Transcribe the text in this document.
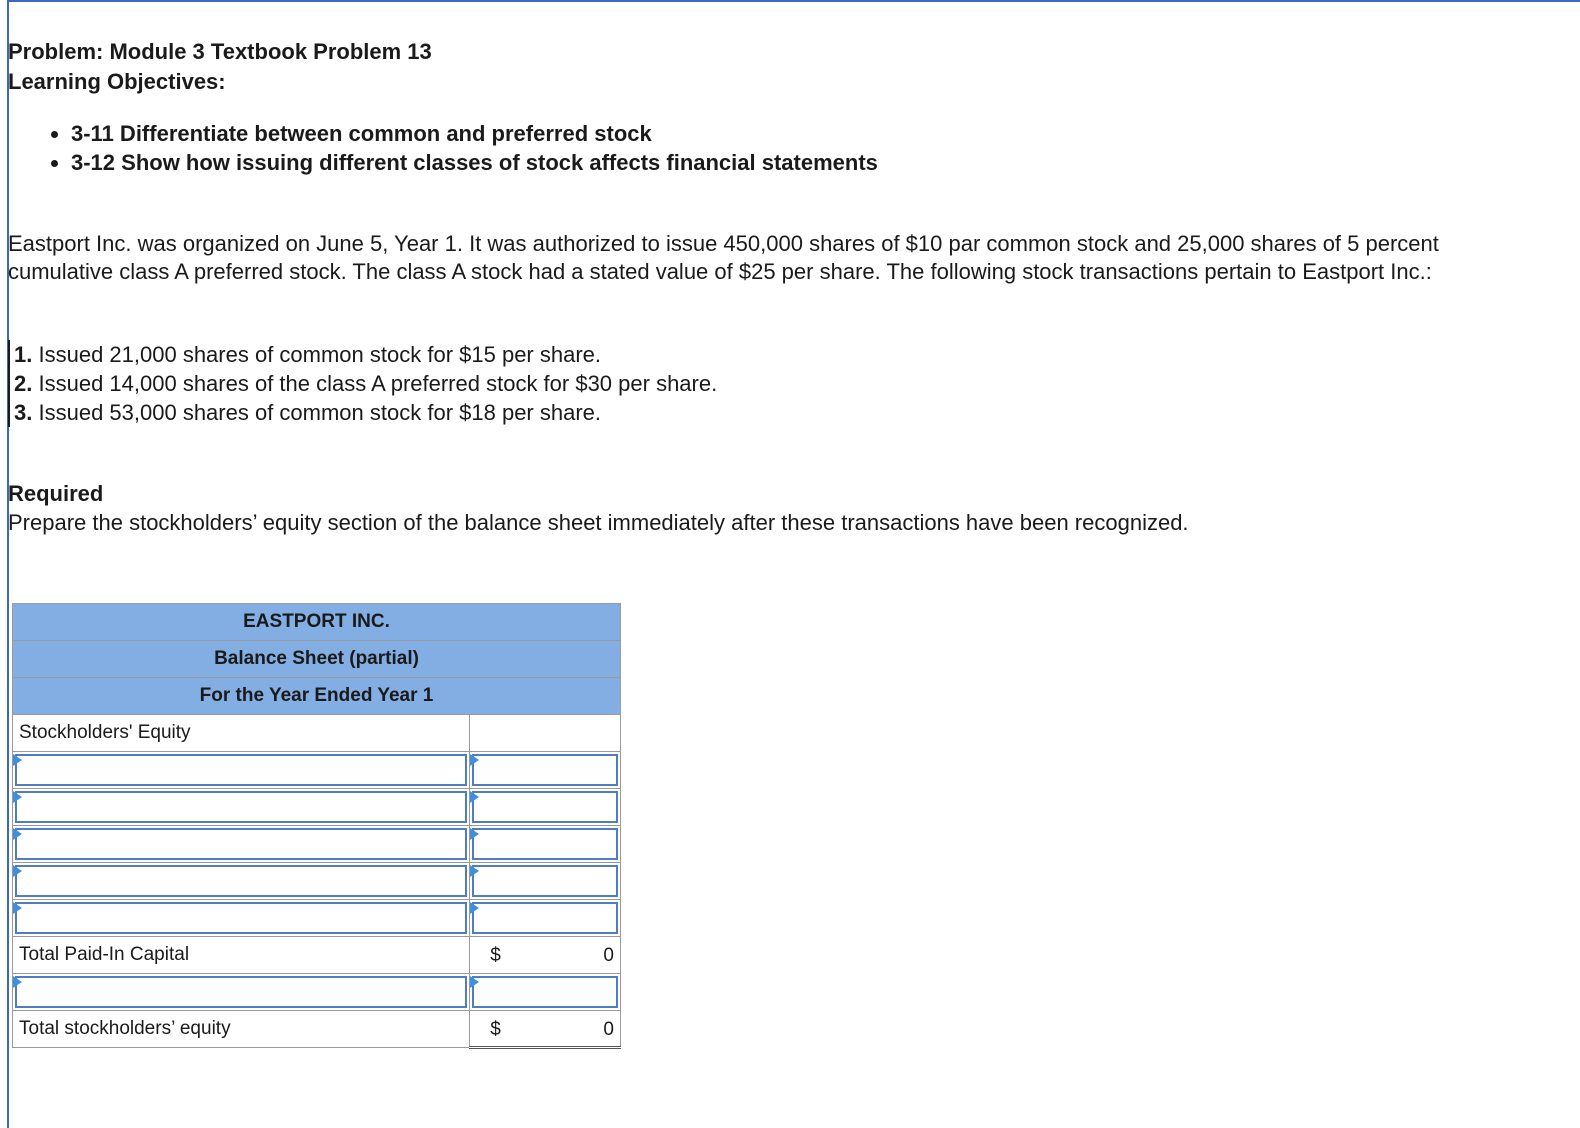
Problem: Module 3 Textbook Problem 13

Learning Objectives:

• 3-11 Differentiate between common and preferred stock
• 3-12 Show how issuing different classes of stock affects financial statements

Eastport Inc. was organized on June 5, Year 1. It was authorized to issue 450,000 shares of $10 par common stock and 25,000 shares of 5 percent cumulative class A preferred stock. The class A stock had a stated value of $25 per share. The following stock transactions pertain to Eastport Inc.:

1. Issued 21,000 shares of common stock for $15 per share.
2. Issued 14,000 shares of the class A preferred stock for $30 per share.
3. Issued 53,000 shares of common stock for $18 per share.

Required

Prepare the stockholders’ equity section of the balance sheet immediately after these transactions have been recognized.

EASTPORT INC.	
Balance Sheet (partial)	
For the Year Ended Year 1	
Stockholders' Equity	

Total Paid-In Capital	$ 0

Total stockholders’ equity	$ 0
